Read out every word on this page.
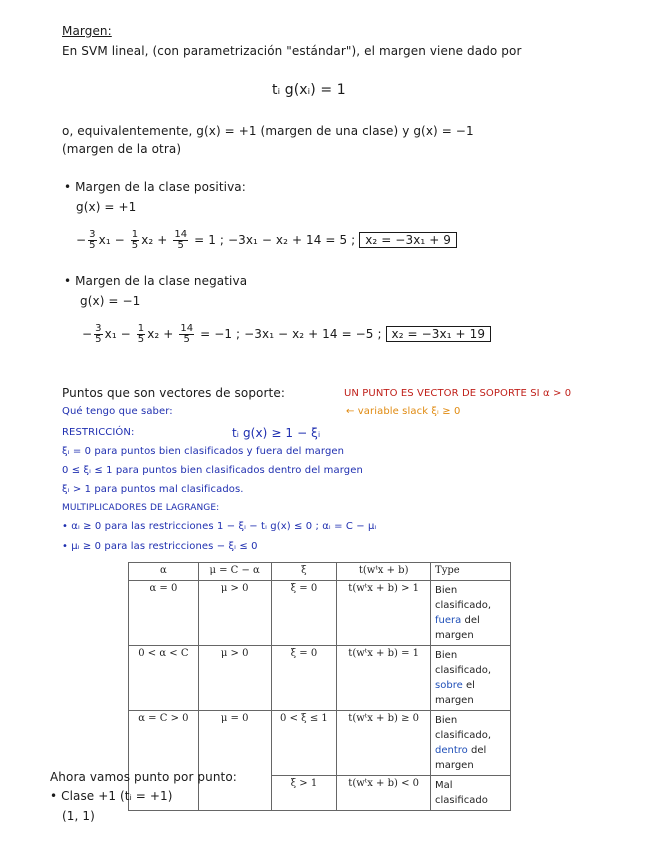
Margen:
En SVM lineal, (con parametrización "estándar"), el margen viene dado por
tᵢ g(xᵢ) = 1
o, equivalentemente, g(x) = +1 (margen de una clase) y g(x) = −1
(margen de la otra)
• Margen de la clase positiva:
g(x) = +1
− $\frac{3}{5} x_1 - \frac{1}{5} x_2 + \frac{14}{5} = 1$ ; −3x₁ − x₂ + 14 = 5 ; x₂ = −3x₁ + 9
• Margen de la clase negativa
g(x) = −1
− $\frac{3}{5} x_1 - \frac{1}{5} x_2 + \frac{14}{5} = -1$ ; −3x₁ − x₂ + 14 = −5 ; x₂ = −3x₁ + 19
Puntos que son vectores de soporte:	UN PUNTO ES VECTOR DE SOPORTE SI α > 0
Qué tengo que saber:	← variable slack ξᵢ ≥ 0
RESTRICCIÓN:	tᵢ g(x) ≥ 1 − ξᵢ
ξᵢ = 0 para puntos bien clasificados y fuera del margen
0 ≤ ξᵢ ≤ 1 para puntos bien clasificados dentro del margen
ξᵢ > 1 para puntos mal clasificados.
MULTIPLICADORES DE LAGRANGE:
• αᵢ ≥ 0 para las restricciones 1 − ξᵢ − tᵢ g(x) ≤ 0 ; αᵢ = C − μᵢ
• μᵢ ≥ 0 para las restricciones − ξᵢ ≤ 0
α	μ = C − α	ξ	t(wᵗx + b)	Type
α = 0	μ > 0	ξ = 0	t(wᵗx + b) > 1	Bien clasificado, fuera del margen
0 < α < C	μ > 0	ξ = 0	t(wᵗx + b) = 1	Bien clasificado, sobre el margen
α = C > 0	μ = 0	0 < ξ ≤ 1	t(wᵗx + b) ≥ 0	Bien clasificado, dentro del margen
		ξ > 1	t(wᵗx + b) < 0	Mal clasificado
Ahora vamos punto por punto:
• Clase +1 (tᵢ = +1)
(1, 1)
